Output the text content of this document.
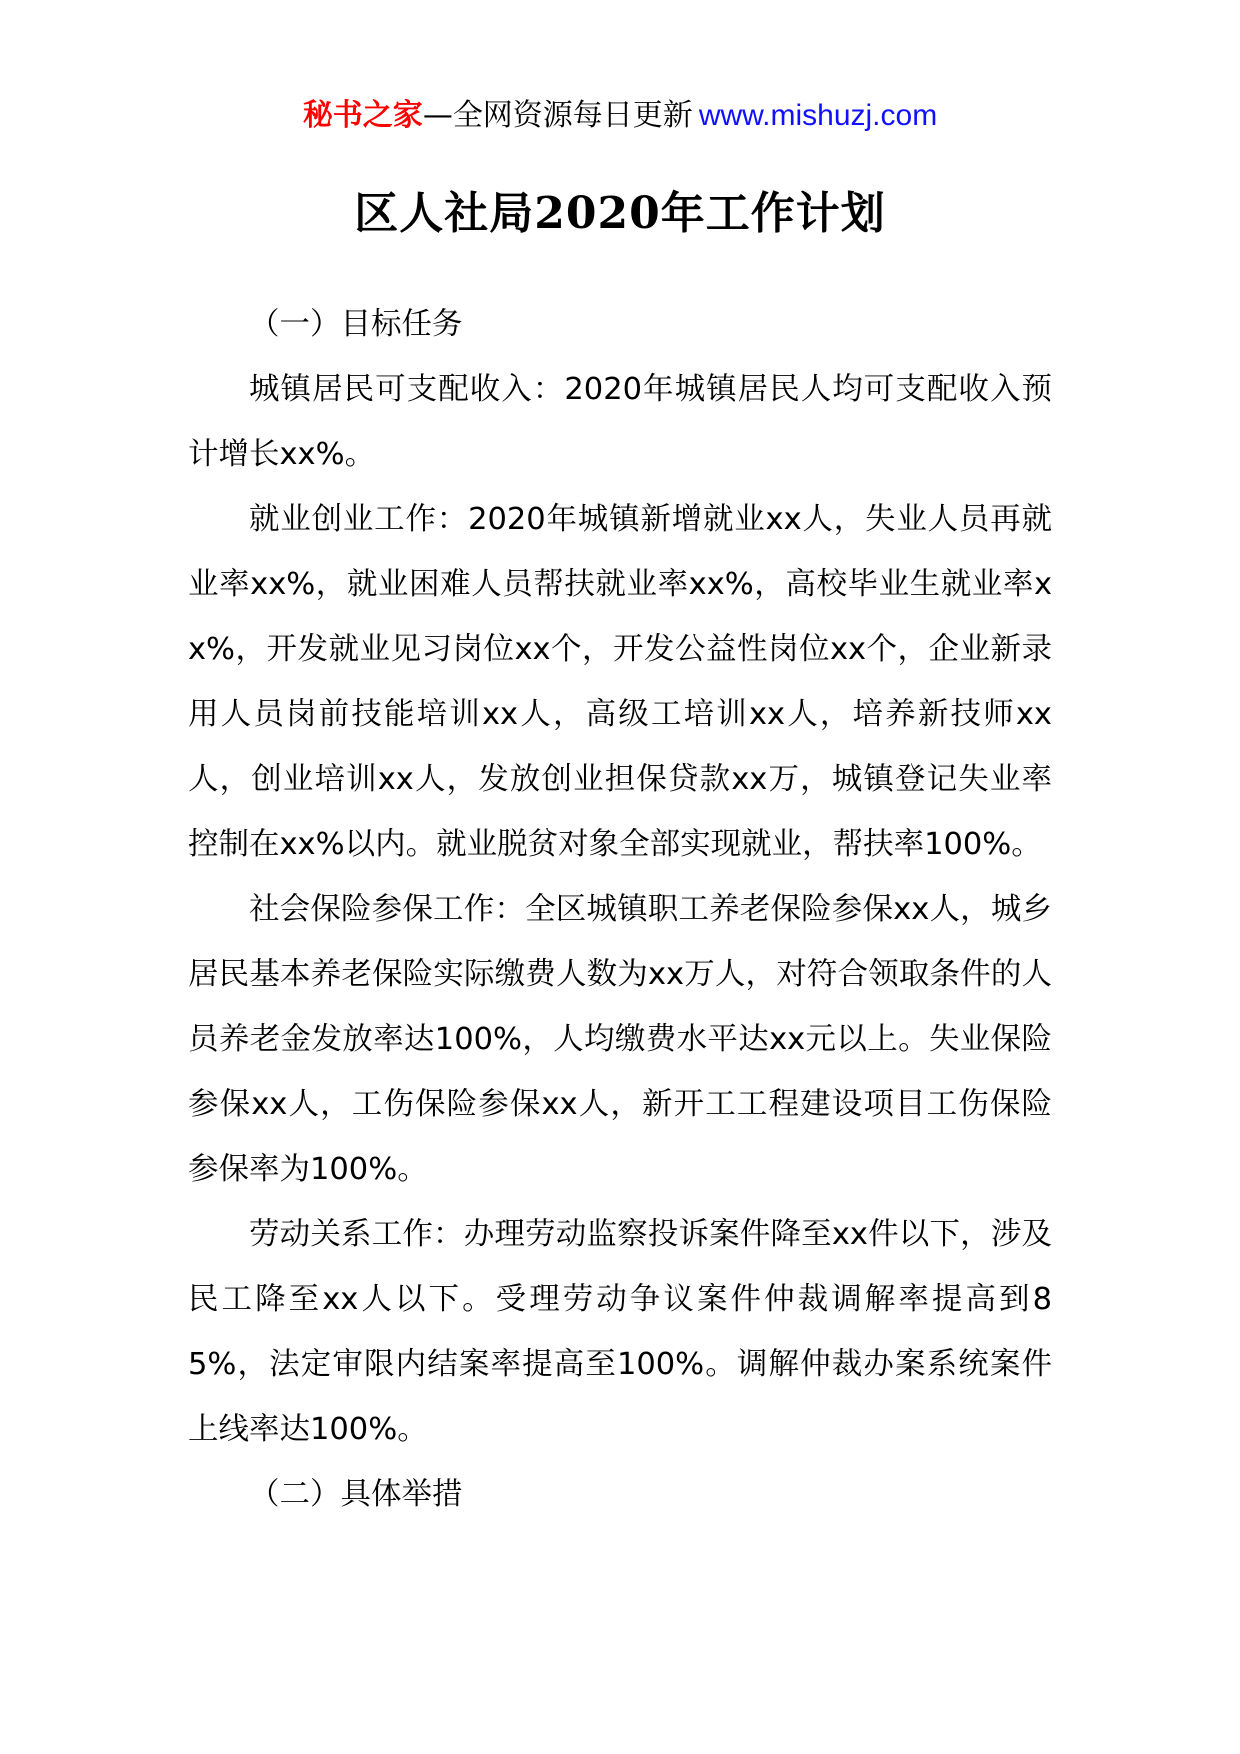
秘书之家—全网资源每日更新 www.mishuzj.com
区人社局2020年工作计划

（一）目标任务

城镇居民可支配收入：2020年城镇居民人均可支配收入预计增长xx%。

就业创业工作：2020年城镇新增就业xx人，失业人员再就业率xx%，就业困难人员帮扶就业率xx%，高校毕业生就业率xx%，开发就业见习岗位xx个，开发公益性岗位xx个，企业新录用人员岗前技能培训xx人，高级工培训xx人，培养新技师xx人，创业培训xx人，发放创业担保贷款xx万，城镇登记失业率控制在xx%以内。就业脱贫对象全部实现就业，帮扶率100%。

社会保险参保工作：全区城镇职工养老保险参保xx人，城乡居民基本养老保险实际缴费人数为xx万人，对符合领取条件的人员养老金发放率达100%，人均缴费水平达xx元以上。失业保险参保xx人，工伤保险参保xx人，新开工工程建设项目工伤保险参保率为100%。

劳动关系工作：办理劳动监察投诉案件降至xx件以下，涉及民工降至xx人以下。受理劳动争议案件仲裁调解率提高到85%，法定审限内结案率提高至100%。调解仲裁办案系统案件上线率达100%。

（二）具体举措
